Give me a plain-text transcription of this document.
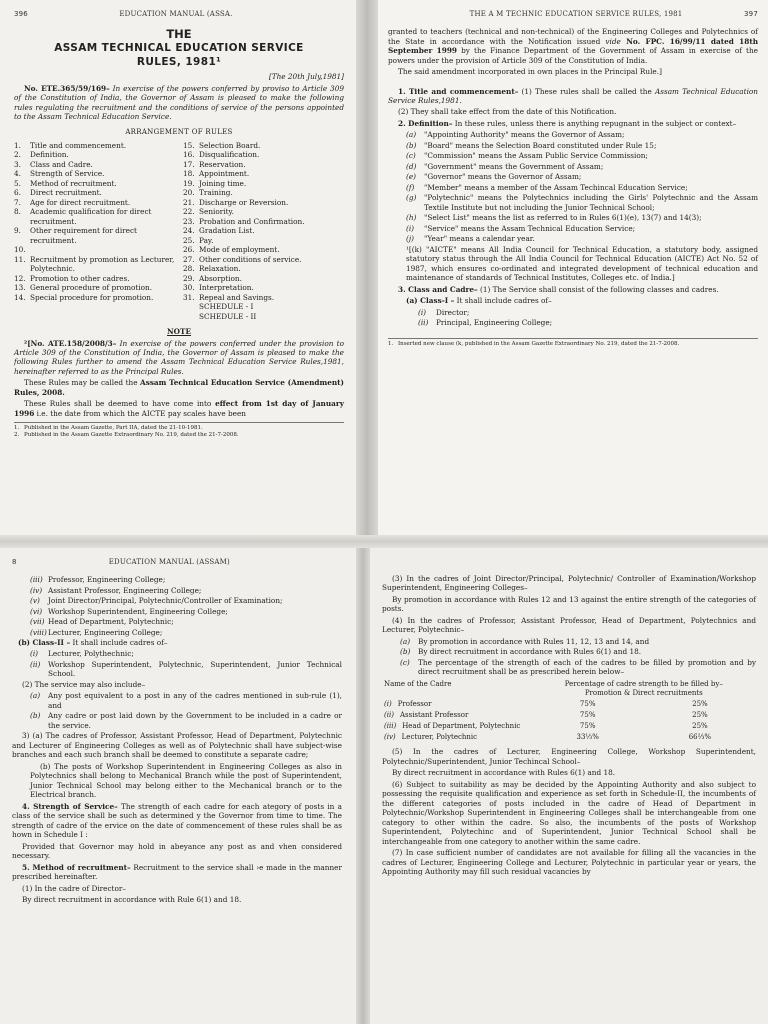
396	EDUCATION MANUAL (ASSA.
THE
ASSAM TECHNICAL EDUCATION SERVICE
RULES, 1981¹
[The 20th July,1981]

No. ETE.365/59/169– In exercise of the powers conferred by proviso to Article 309 of the Constitution of India, the Governor of Assam is pleased to make the following rules regulating the recruitment and the conditions of service of the persons appointed to the Assam Technical Education Service.

ARRANGEMENT OF RULES
1.	Title and commencement.
2.	Definition.
3.	Class and Cadre.
4.	Strength of Service.
5.	Method of recruitment.
6.	Direct recruitment.
7.	Age for direct recruitment.
8.	Academic qualification for direct recruitment.
9.	Other requirement for direct recruitment.
10.
11. Recruitment by promotion as Lecturer, Polytechnic.
12. Promotion to other cadres.
13. General procedure of promotion.
14. Special procedure for promotion.
15. Selection Board.
16. Disqualification.
17. Reservation.
18. Appointment.
19. Joining time.
20. Training.
21. Discharge or Reversion.
22. Seniority.
23. Probation and Confirmation.
24. Gradation List.
25. Pay.
26. Mode of employment.
27. Other conditions of service.
28. Relaxation.
29. Absorption.
30. Interpretation.
31. Repeal and Savings.
SCHEDULE - I
SCHEDULE - II
NOTE

²[No. ATE.158/2008/3– In exercise of the powers conferred under the provision to Article 309 of the Constitution of India, the Governor of Assam is pleased to make the following Rules further to amend the Assam Technical Education Service Rules,1981, hereinafter referred to as the Principal Rules.

These Rules may be called the Assam Technical Education Service (Amendment) Rules, 2008.

These Rules shall be deemed to have come into effect from 1st day of January 1996 i.e. the date from which the AICTE pay scales have been

1. Published in the Assam Gazette, Part IIA, dated the 21-10-1981.
2. Published in the Assam Gazette Extraordinary No. 219, dated the 21-7-2008.
THE A M TECHNIC EDUCATION SERVICE RULES, 1981	397

granted to teachers (technical and non-technical) of the Engineering Colleges and Polytechnics of the State in accordance with the Notification issued vide No. FPC. 16/99/11 dated 18th September 1999 by the Finance Department of the Government of Assam in exercise of the powers under the provision of Article 309 of the Constitution of India.

The said amendment incorporated in own places in the Principal Rule.]

1. Title and commencement– (1) These rules shall be called the Assam Technical Education Service Rules,1981.

(2) They shall take effect from the date of this Notification.

2. Definition– In these rules, unless there is anything repugnant in the subject or context–

(a)	"Appointing Authority" means the Governor of Assam;
(b)	"Board" means the Selection Board constituted under Rule 15;
(c)	"Commission" means the Assam Public Service Commission;
(d)	"Government" means the Government of Assam;
(e)	"Governor" means the Governor of Assam;
(f)	"Member" means a member of the Assam Techincal Education Service;
(g)	"Polytechnic" means the Polytechnics including the Girls' Polytechnic and the Assam Textile Institute but not including the Junior Technical School;
(h)	"Select List" means the list as referred to in Rules 6(1)(e), 13(7) and 14(3);
(i)	"Service" means the Assam Technical Education Service;
(j)	"Year" means a calendar year.

¹[(k) "AICTE" means All India Council for Technical Education, a statutory body, assigned statutory status through the All India Council for Technical Education (AICTE) Act No. 52 of 1987, which ensures co-ordinated and integrated development of technical education and maintenance of standards of Technical Institutes, Colleges etc. of India.]

3. Class and Cadre– (1) The Service shall consist of the following classes and cadres.

(a) Class-I – It shall include cadres of–

(i)	Director;
(ii)	Principal, Engineering College;
1. Inserted new clause (k, published in the Assam Gazette Extraordinary No. 219, dated the 21-7-2008.
8	EDUCATION MANUAL (ASSAM)
(iii) Professor, Engineering College;
(iv) Assistant Professor, Engineering College;
(v)	Joint Director/Principal, Polytechnic/Controller of Examination;
(vi) Workshop Superintendent, Engineering College;
(vii) Head of Department, Polytechnic;
(viii) Lecturer, Engineering College;

(b) Class-II – It shall include cadres of–

(i)	Lecturer, Polythechnic;
(ii)	Workshop Superintendent, Polytechnic, Superintendent, Junior Technical School.

(2) The service may also include–

(a)	Any post equivalent to a post in any of the cadres mentioned in sub-rule (1), and
(b)	Any cadre or post laid down by the Government to be included in a cadre or the service.

3) (a) The cadres of Professor, Assistant Professor, Head of Department, Polytechnic and Lecturer of Engineering Colleges as well as of Polytechnic shall have subject-wise branches and each such branch shall be deemed to constitute a separate cadre;

(b) The posts of Workshop Superintendent in Engineering Colleges as also in Polytechnics shall belong to Mechanical Branch while the post of Superintendent, Junior Technical School may belong either to the Mechanical branch or to the Electrical branch.

4. Strength of Service– The strength of each cadre for each ategory of posts in a class of the service shall be such as determined y the Governor from time to time. The strength of cadre of the ervice on the date of commencement of these rules shall be as hown in Schedule I :

Provided that Governor may hold in abeyance any post as and vhen considered necessary.

5. Method of recruitment– Recruitment to the service shall ›e made in the manner prescribed hereinafter.

(1) In the cadre of Director–

By direct recruitment in accordance with Rule 6(1) and 18.

(3) In the cadres of Joint Director/Principal, Polytechnic/ Controller of Examination/Workshop Superintendent, Engineering Colleges–

By promotion in accordance with Rules 12 and 13 against the entire strength of the categories of posts.

(4) In the cadres of Professor, Assistant Professor, Head of Department, Polytechnics and Lecturer, Polytechnic–

(a)	By promotion in accordance with Rules 11, 12, 13 and 14, and
(b)	By direct recruitment in accordance with Rules 6(1) and 18.
(c)	The percentage of the strength of each of the cadres to be filled by promotion and by direct recruitment shall be as prescribed herein below–
Name of the Cadre	Percentage of cadre strength to be filled by–
Promotion & Direct recruitments	

(i) Professor	75%	25%
(ii) Assistant Professor	75%	25%
(iii) Head of Department, Polytechnic	75%	25%
(iv) Lecturer, Polytechnic	33⅓%	66⅔%

(5) In the cadres of Lecturer, Engineering College, Workshop Superintendent, Polytechnic/Superintendent, Junior Techincal School–

By direct recruitment in accordance with Rules 6(1) and 18.

(6) Subject to suitability as may be decided by the Appointing Authority and also subject to possessing the requisite qualification and experience as set forth in Schedule-II, the incumbents of the different categories of posts included in the cadre of Head of Department in Polytechnic/Workshop Superintendent in Engineering Colleges shall be interchangeable from one category to other within the cadre. So also, the incumbents of the posts of Workshop Superintendent, Polytechinc and of Superintendent, Junior Technical School shall be interchangeable from one category to another within the same cadre.

(7) In case sufficient number of candidates are not available for filling all the vacancies in the cadres of Lecturer, Engineering College and Lecturer, Polytechnic in particular year or years, the Appointing Authority may fill such residual vacancies by
